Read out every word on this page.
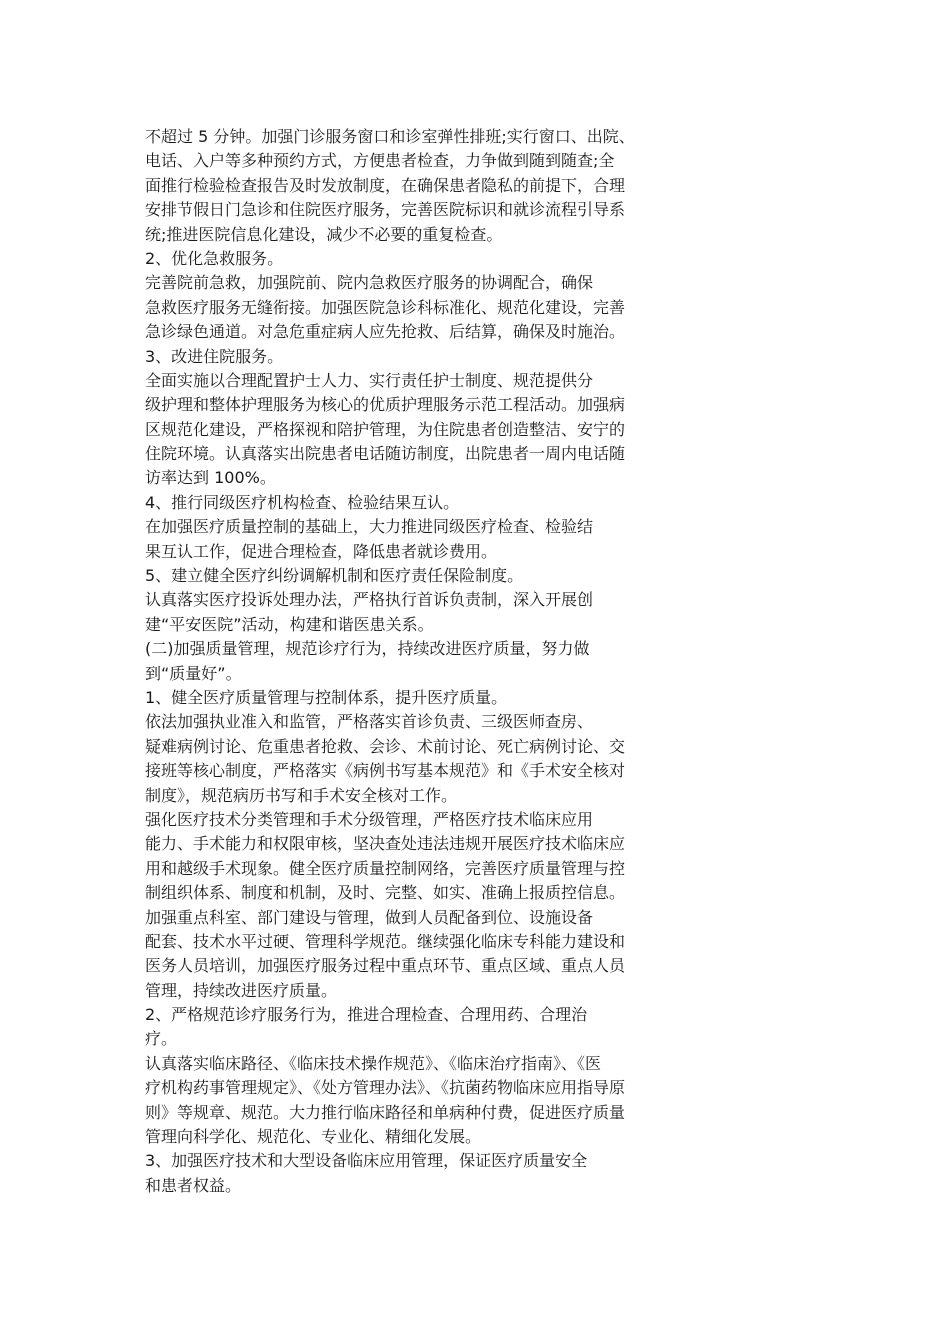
不超过 5 分钟。加强门诊服务窗口和诊室弹性排班;实行窗口、出院、
电话、入户等多种预约方式，方便患者检查，力争做到随到随查;全
面推行检验检查报告及时发放制度，在确保患者隐私的前提下，合理
安排节假日门急诊和住院医疗服务，完善医院标识和就诊流程引导系
统;推进医院信息化建设，减少不必要的重复检查。
2、优化急救服务。
完善院前急救，加强院前、院内急救医疗服务的协调配合，确保
急救医疗服务无缝衔接。加强医院急诊科标准化、规范化建设，完善
急诊绿色通道。对急危重症病人应先抢救、后结算，确保及时施治。
3、改进住院服务。
全面实施以合理配置护士人力、实行责任护士制度、规范提供分
级护理和整体护理服务为核心的优质护理服务示范工程活动。加强病
区规范化建设，严格探视和陪护管理，为住院患者创造整洁、安宁的
住院环境。认真落实出院患者电话随访制度，出院患者一周内电话随
访率达到 100%。
4、推行同级医疗机构检查、检验结果互认。
在加强医疗质量控制的基础上，大力推进同级医疗检查、检验结
果互认工作，促进合理检查，降低患者就诊费用。
5、建立健全医疗纠纷调解机制和医疗责任保险制度。
认真落实医疗投诉处理办法，严格执行首诉负责制，深入开展创
建“平安医院”活动，构建和谐医患关系。
(二)加强质量管理，规范诊疗行为，持续改进医疗质量，努力做
到“质量好”。
1、健全医疗质量管理与控制体系，提升医疗质量。
依法加强执业准入和监管，严格落实首诊负责、三级医师查房、
疑难病例讨论、危重患者抢救、会诊、术前讨论、死亡病例讨论、交
接班等核心制度，严格落实《病例书写基本规范》和《手术安全核对
制度》，规范病历书写和手术安全核对工作。
强化医疗技术分类管理和手术分级管理，严格医疗技术临床应用
能力、手术能力和权限审核，坚决查处违法违规开展医疗技术临床应
用和越级手术现象。健全医疗质量控制网络，完善医疗质量管理与控
制组织体系、制度和机制，及时、完整、如实、准确上报质控信息。
加强重点科室、部门建设与管理，做到人员配备到位、设施设备
配套、技术水平过硬、管理科学规范。继续强化临床专科能力建设和
医务人员培训，加强医疗服务过程中重点环节、重点区域、重点人员
管理，持续改进医疗质量。
2、严格规范诊疗服务行为，推进合理检查、合理用药、合理治
疗。
认真落实临床路径、《临床技术操作规范》、《临床治疗指南》、《医
疗机构药事管理规定》、《处方管理办法》、《抗菌药物临床应用指导原
则》等规章、规范。大力推行临床路径和单病种付费，促进医疗质量
管理向科学化、规范化、专业化、精细化发展。
3、加强医疗技术和大型设备临床应用管理，保证医疗质量安全
和患者权益。
